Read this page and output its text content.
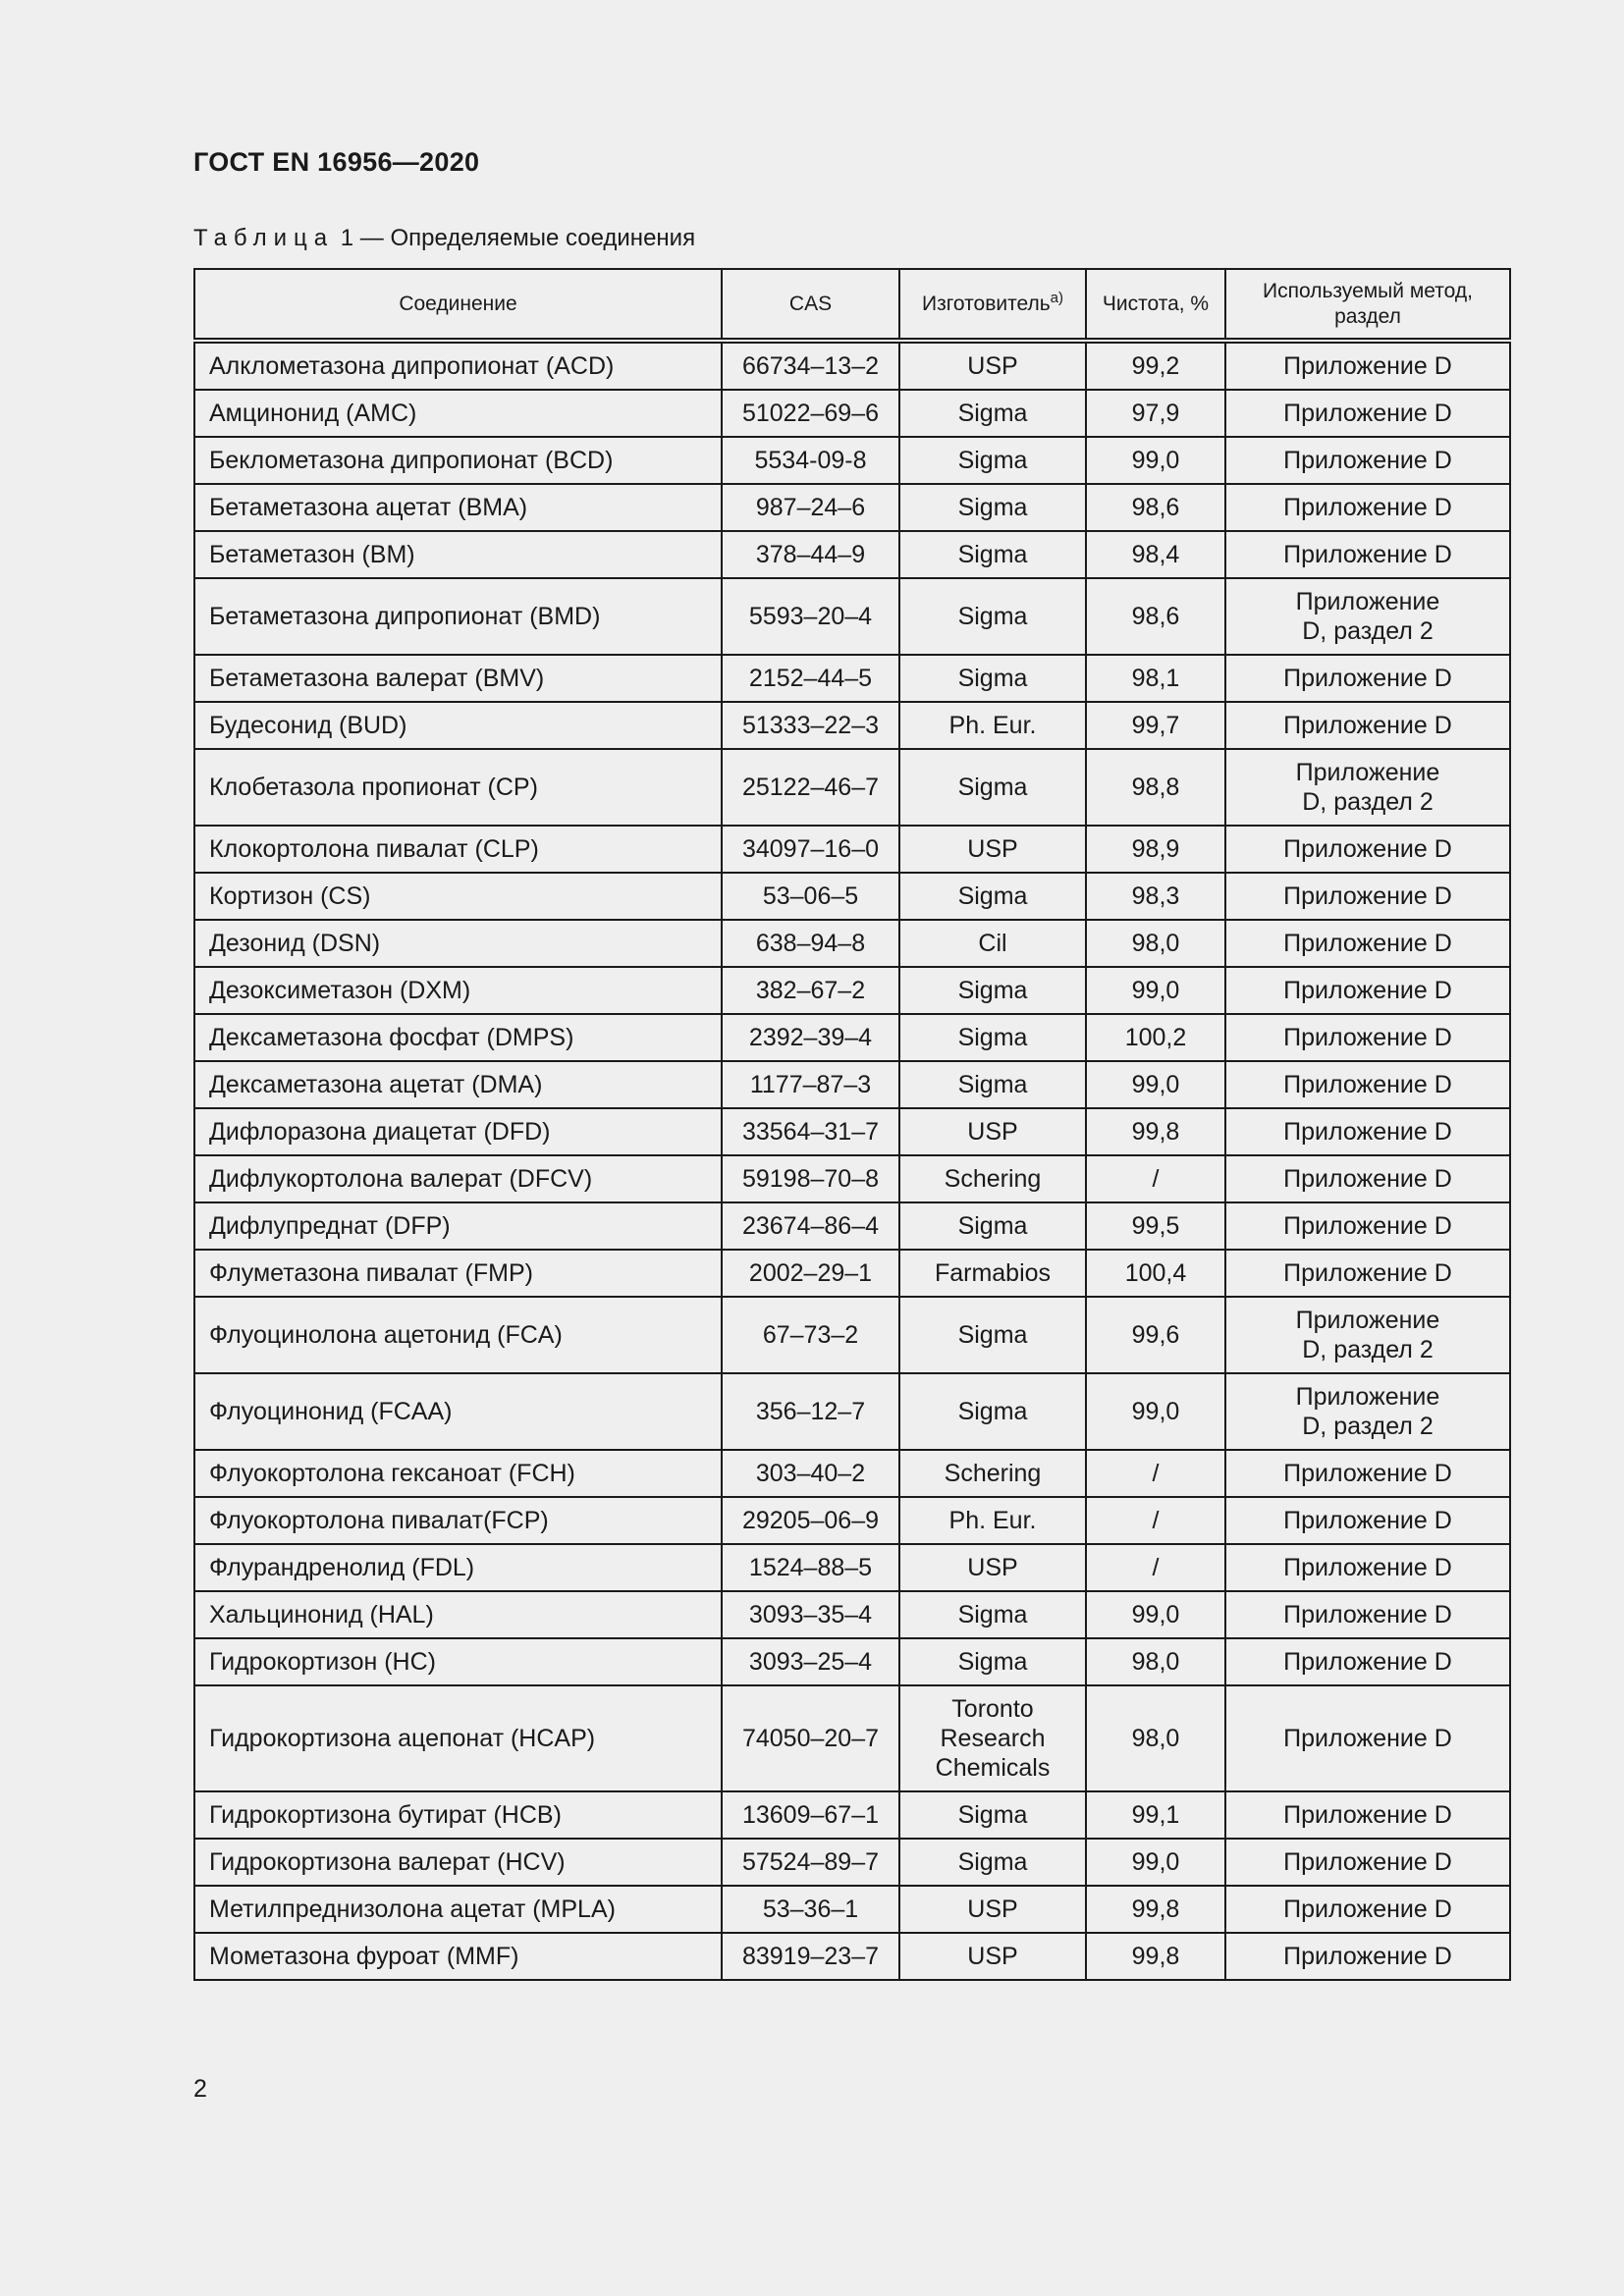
ГОСТ EN 16956—2020
Таблица 1 — Определяемые соединения
Соединение	CAS	Изготовитель$^{а)}$	Чистота, %	Используемый метод, раздел
Алклометазона дипропионат (ACD)	66734–13–2	USP	99,2	Приложение D
Амцинонид (AMC)	51022–69–6	Sigma	97,9	Приложение D
Беклометазона дипропионат (BCD)	5534-09-8	Sigma	99,0	Приложение D
Бетаметазона ацетат (BMA)	987–24–6	Sigma	98,6	Приложение D
Бетаметазон (BM)	378–44–9	Sigma	98,4	Приложение D
Бетаметазона дипропионат (BMD)	5593–20–4	Sigma	98,6	Приложение D, раздел 2
Бетаметазона валерат (BMV)	2152–44–5	Sigma	98,1	Приложение D
Будесонид (BUD)	51333–22–3	Ph. Eur.	99,7	Приложение D
Клобетазола пропионат (CP)	25122–46–7	Sigma	98,8	Приложение D, раздел 2
Клокортолона пивалат (CLP)	34097–16–0	USP	98,9	Приложение D
Кортизон (CS)	53–06–5	Sigma	98,3	Приложение D
Дезонид (DSN)	638–94–8	Cil	98,0	Приложение D
Дезоксиметазон (DXM)	382–67–2	Sigma	99,0	Приложение D
Дексаметазона фосфат (DMPS)	2392–39–4	Sigma	100,2	Приложение D
Дексаметазона ацетат (DMA)	1177–87–3	Sigma	99,0	Приложение D
Дифлоразона диацетат (DFD)	33564–31–7	USP	99,8	Приложение D
Дифлукортолона валерат (DFCV)	59198–70–8	Schering	/	Приложение D
Дифлупреднат (DFP)	23674–86–4	Sigma	99,5	Приложение D
Флуметазона пивалат (FMP)	2002–29–1	Farmabios	100,4	Приложение D
Флуоцинолона ацетонид (FCA)	67–73–2	Sigma	99,6	Приложение D, раздел 2
Флуоцинонид (FCAA)	356–12–7	Sigma	99,0	Приложение D, раздел 2
Флуокортолона гексаноат (FCH)	303–40–2	Schering	/	Приложение D
Флуокортолона пивалат(FCP)	29205–06–9	Ph. Eur.	/	Приложение D
Флурандренолид (FDL)	1524–88–5	USP	/	Приложение D
Хальцинонид (HAL)	3093–35–4	Sigma	99,0	Приложение D
Гидрокортизон (HC)	3093–25–4	Sigma	98,0	Приложение D
Гидрокортизона ацепонат (HCAP)	74050–20–7	Toronto Research Chemicals	98,0	Приложение D
Гидрокортизона бутират (HCB)	13609–67–1	Sigma	99,1	Приложение D
Гидрокортизона валерат (HCV)	57524–89–7	Sigma	99,0	Приложение D
Метилпреднизолона ацетат (MPLA)	53–36–1	USP	99,8	Приложение D
Мометазона фуроат (MMF)	83919–23–7	USP	99,8	Приложение D
2
